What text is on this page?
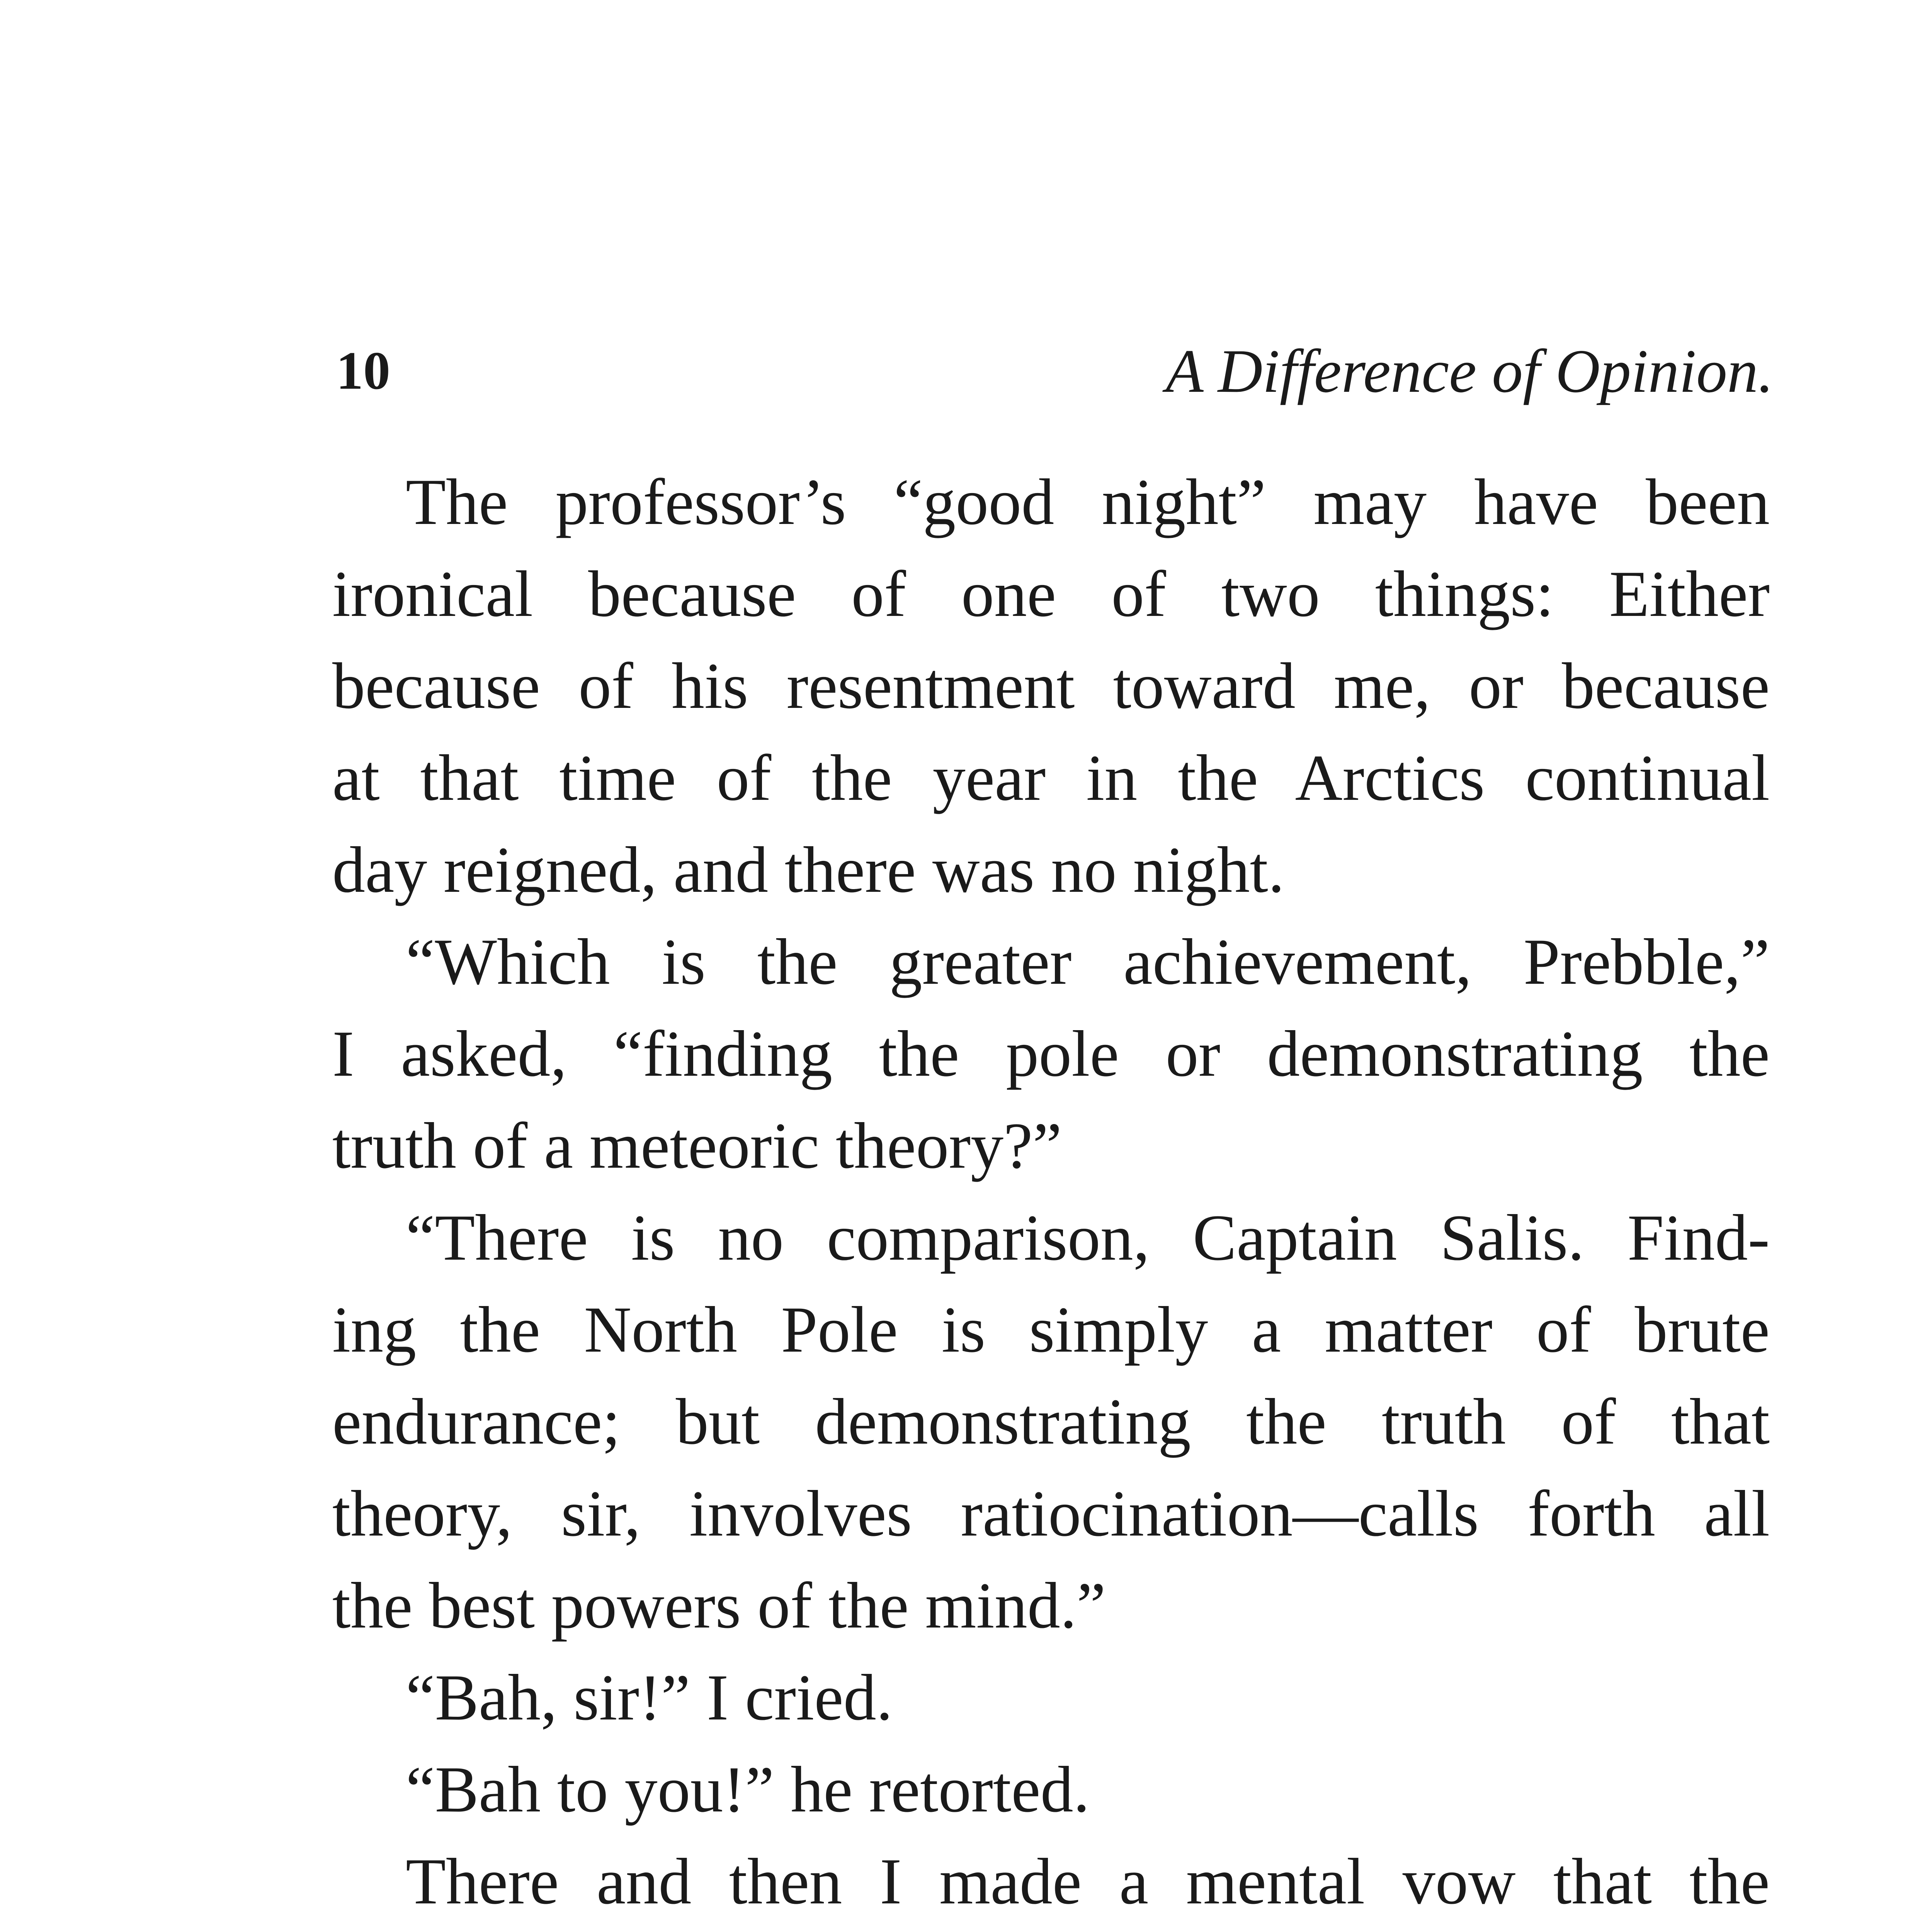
10	A Difference of Opinion.
The professor’s “good night” may have been
ironical because of one of two things: Either
because of his resentment toward me, or because
at that time of the year in the Arctics continual
day reigned, and there was no night.
“Which is the greater achievement, Prebble,”
I asked, “finding the pole or demonstrating the
truth of a meteoric theory?”
“There is no comparison, Captain Salis. Find-
ing the North Pole is simply a matter of brute
endurance; but demonstrating the truth of that
theory, sir, involves ratiocination—calls forth all
the best powers of the mind.”
“Bah, sir!” I cried.
“Bah to you!” he retorted.
There and then I made a mental vow that the
